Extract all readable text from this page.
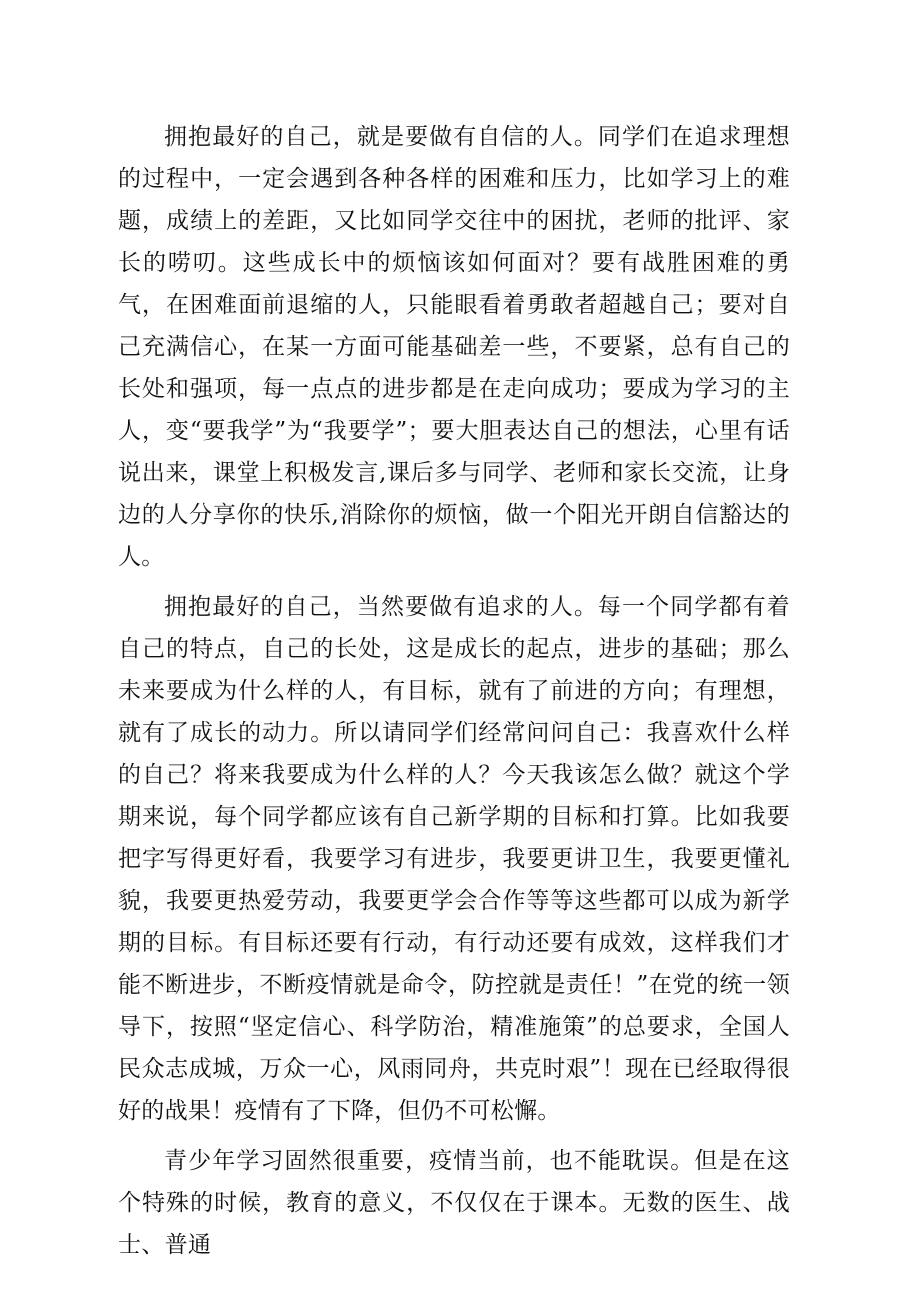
拥抱最好的自己，就是要做有自信的人。同学们在追求理想的过程中，一定会遇到各种各样的困难和压力，比如学习上的难题，成绩上的差距，又比如同学交往中的困扰，老师的批评、家长的唠叨。这些成长中的烦恼该如何面对？要有战胜困难的勇气，在困难面前退缩的人，只能眼看着勇敢者超越自己；要对自己充满信心，在某一方面可能基础差一些，不要紧，总有自己的长处和强项，每一点点的进步都是在走向成功；要成为学习的主人，变“要我学”为“我要学”；要大胆表达自己的想法，心里有话说出来，课堂上积极发言,课后多与同学、老师和家长交流，让身边的人分享你的快乐,消除你的烦恼，做一个阳光开朗自信豁达的人。

拥抱最好的自己，当然要做有追求的人。每一个同学都有着自己的特点，自己的长处，这是成长的起点，进步的基础；那么未来要成为什么样的人，有目标，就有了前进的方向；有理想，就有了成长的动力。所以请同学们经常问问自己：我喜欢什么样的自己？将来我要成为什么样的人？今天我该怎么做？就这个学期来说，每个同学都应该有自己新学期的目标和打算。比如我要把字写得更好看，我要学习有进步，我要更讲卫生，我要更懂礼貌，我要更热爱劳动，我要更学会合作等等这些都可以成为新学期的目标。有目标还要有行动，有行动还要有成效，这样我们才能不断进步，不断疫情就是命令，防控就是责任！”在党的统一领导下，按照“坚定信心、科学防治，精准施策”的总要求，全国人民众志成城，万众一心，风雨同舟，共克时艰”！现在已经取得很好的战果！疫情有了下降，但仍不可松懈。

青少年学习固然很重要，疫情当前，也不能耽误。但是在这个特殊的时候，教育的意义，不仅仅在于课本。无数的医生、战士、普通
